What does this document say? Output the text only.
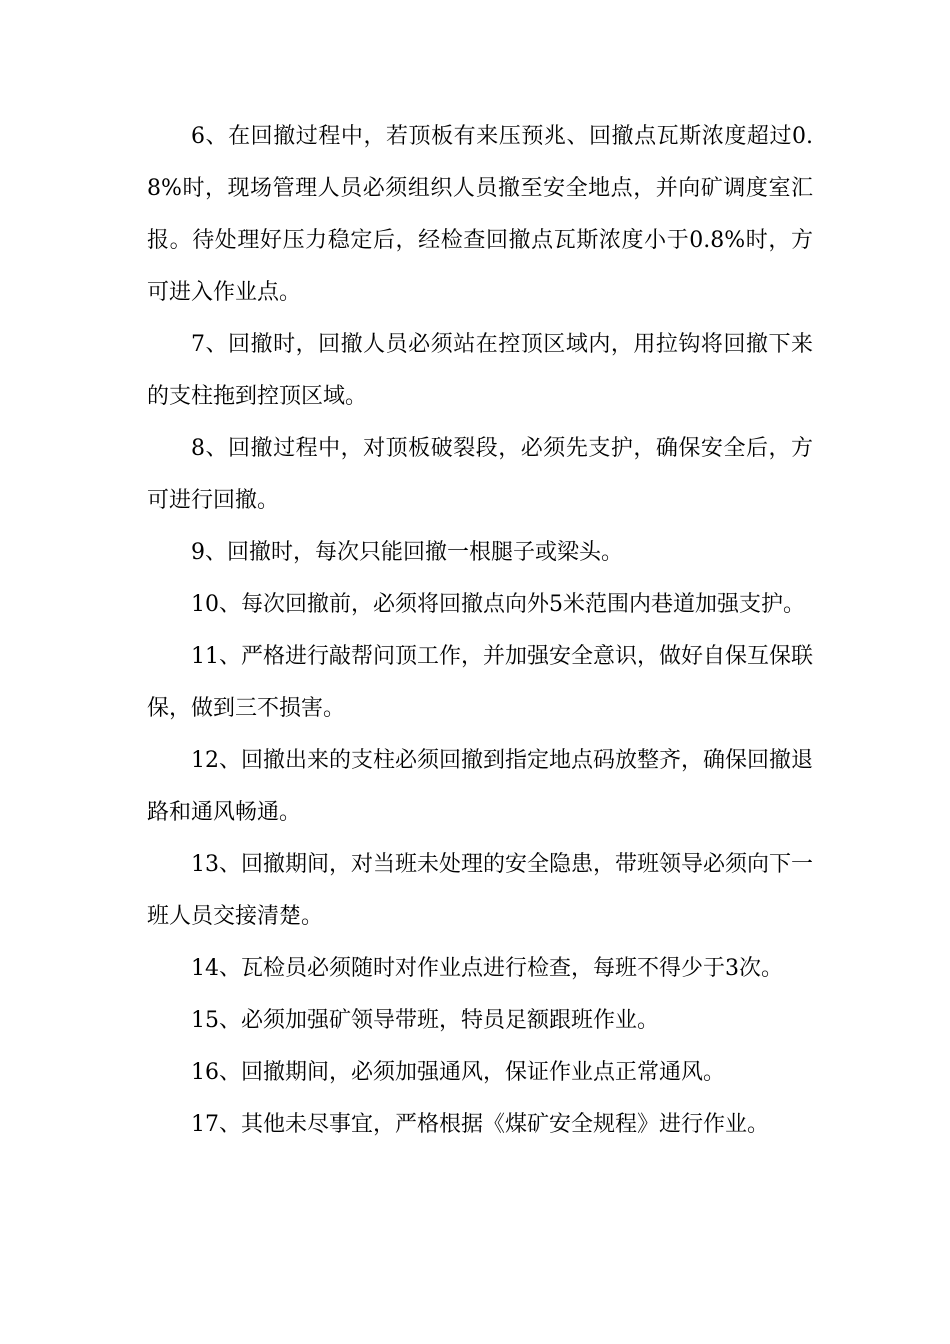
6、在回撤过程中，若顶板有来压预兆、回撤点瓦斯浓度超过0.8%时，现场管理人员必须组织人员撤至安全地点，并向矿调度室汇报。待处理好压力稳定后，经检查回撤点瓦斯浓度小于0.8%时，方可进入作业点。

7、回撤时，回撤人员必须站在控顶区域内，用拉钩将回撤下来的支柱拖到控顶区域。

8、回撤过程中，对顶板破裂段，必须先支护，确保安全后，方可进行回撤。

9、回撤时，每次只能回撤一根腿子或梁头。

10、每次回撤前，必须将回撤点向外5米范围内巷道加强支护。

11、严格进行敲帮问顶工作，并加强安全意识，做好自保互保联保，做到三不损害。

12、回撤出来的支柱必须回撤到指定地点码放整齐，确保回撤退路和通风畅通。

13、回撤期间，对当班未处理的安全隐患，带班领导必须向下一班人员交接清楚。

14、瓦检员必须随时对作业点进行检查，每班不得少于3次。

15、必须加强矿领导带班，特员足额跟班作业。

16、回撤期间，必须加强通风，保证作业点正常通风。

17、其他未尽事宜，严格根据《煤矿安全规程》进行作业。
